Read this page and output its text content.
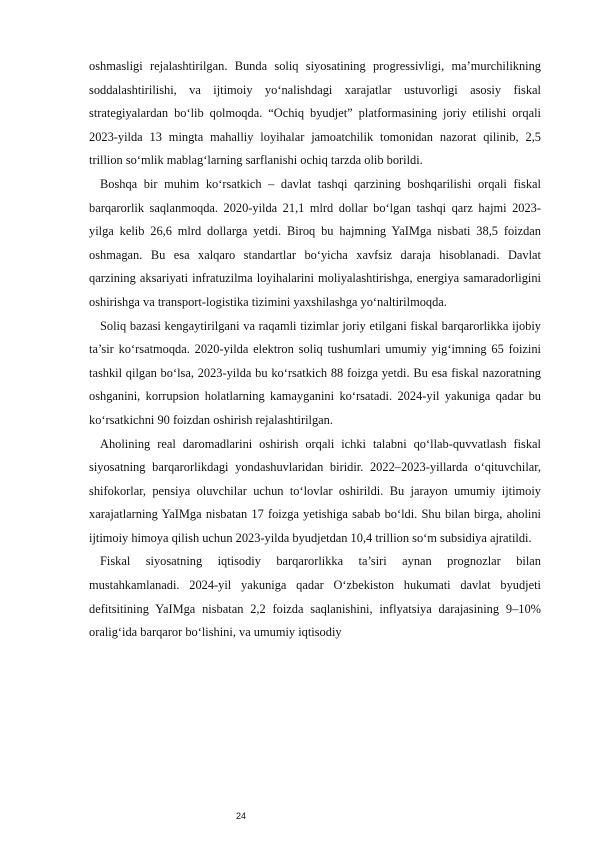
oshmasligi rejalashtirilgan. Bunda soliq siyosatining progressivligi, ma’murchilikning soddalashtirilishi, va ijtimoiy yo‘nalishdagi xarajatlar ustuvorligi asosiy fiskal strategiyalardan bo‘lib qolmoqda. “Ochiq byudjet” platformasining joriy etilishi orqali 2023-yilda 13 mingta mahalliy loyihalar jamoatchilik tomonidan nazorat qilinib, 2,5 trillion so‘mlik mablag‘larning sarflanishi ochiq tarzda olib borildi.

Boshqa bir muhim ko‘rsatkich – davlat tashqi qarzining boshqarilishi orqali fiskal barqarorlik saqlanmoqda. 2020-yilda 21,1 mlrd dollar bo‘lgan tashqi qarz hajmi 2023-yilga kelib 26,6 mlrd dollarga yetdi. Biroq bu hajmning YaIMga nisbati 38,5 foizdan oshmagan. Bu esa xalqaro standartlar bo‘yicha xavfsiz daraja hisoblanadi. Davlat qarzining aksariyati infratuzilma loyihalarini moliyalashtirishga, energiya samaradorligini oshirishga va transport-logistika tizimini yaxshilashga yo‘naltirilmoqda.

Soliq bazasi kengaytirilgani va raqamli tizimlar joriy etilgani fiskal barqarorlikka ijobiy ta’sir ko‘rsatmoqda. 2020-yilda elektron soliq tushumlari umumiy yig‘imning 65 foizini tashkil qilgan bo‘lsa, 2023-yilda bu ko‘rsatkich 88 foizga yetdi. Bu esa fiskal nazoratning oshganini, korrupsion holatlarning kamayganini ko‘rsatadi. 2024-yil yakuniga qadar bu ko‘rsatkichni 90 foizdan oshirish rejalashtirilgan.

Aholining real daromadlarini oshirish orqali ichki talabni qo‘llab-quvvatlash fiskal siyosatning barqarorlikdagi yondashuvlaridan biridir. 2022–2023-yillarda o‘qituvchilar, shifokorlar, pensiya oluvchilar uchun to‘lovlar oshirildi. Bu jarayon umumiy ijtimoiy xarajatlarning YaIMga nisbatan 17 foizga yetishiga sabab bo‘ldi. Shu bilan birga, aholini ijtimoiy himoya qilish uchun 2023-yilda byudjetdan 10,4 trillion so‘m subsidiya ajratildi.

Fiskal siyosatning iqtisodiy barqarorlikka ta’siri aynan prognozlar bilan mustahkamlanadi. 2024-yil yakuniga qadar O‘zbekiston hukumati davlat byudjeti defitsitining YaIMga nisbatan 2,2 foizda saqlanishini, inflyatsiya darajasining 9–10% oralig‘ida barqaror bo‘lishini, va umumiy iqtisodiy

24
